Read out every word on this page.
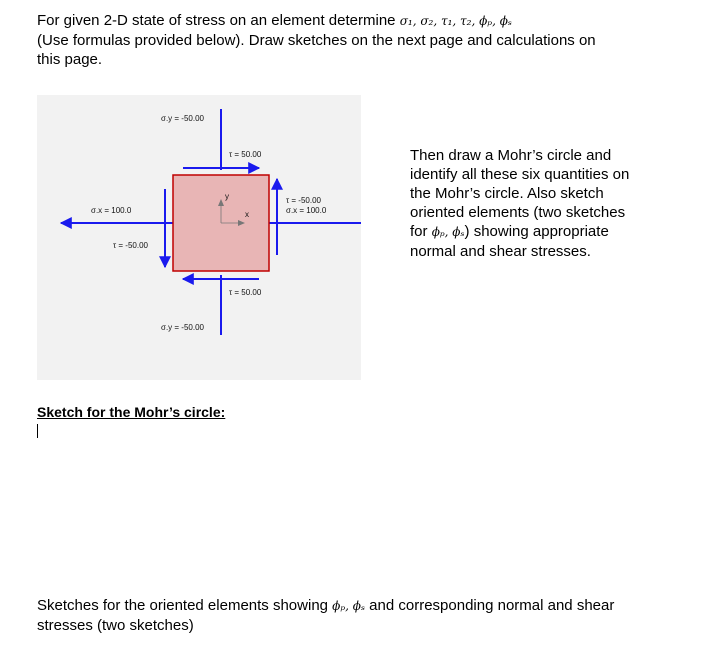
For given 2-D state of stress on an element determine σ₁, σ₂, τ₁, τ₂, ϕₚ, ϕₛ
(Use formulas provided below). Draw sketches on the next page and calculations on
this page.
y
x
σ.y = -50.00
τ = 50.00
σ.x = 100.0
τ = -50.00
τ = -50.00
σ.x = 100.0
τ = 50.00
σ.y = -50.00
Then draw a Mohr’s circle and
identify all these six quantities on
the Mohr’s circle. Also sketch
oriented elements (two sketches
for ϕₚ, ϕₛ) showing appropriate
normal and shear stresses.
Sketch for the Mohr’s circle:
Sketches for the oriented elements showing ϕₚ, ϕₛ and corresponding normal and shear
stresses (two sketches)
